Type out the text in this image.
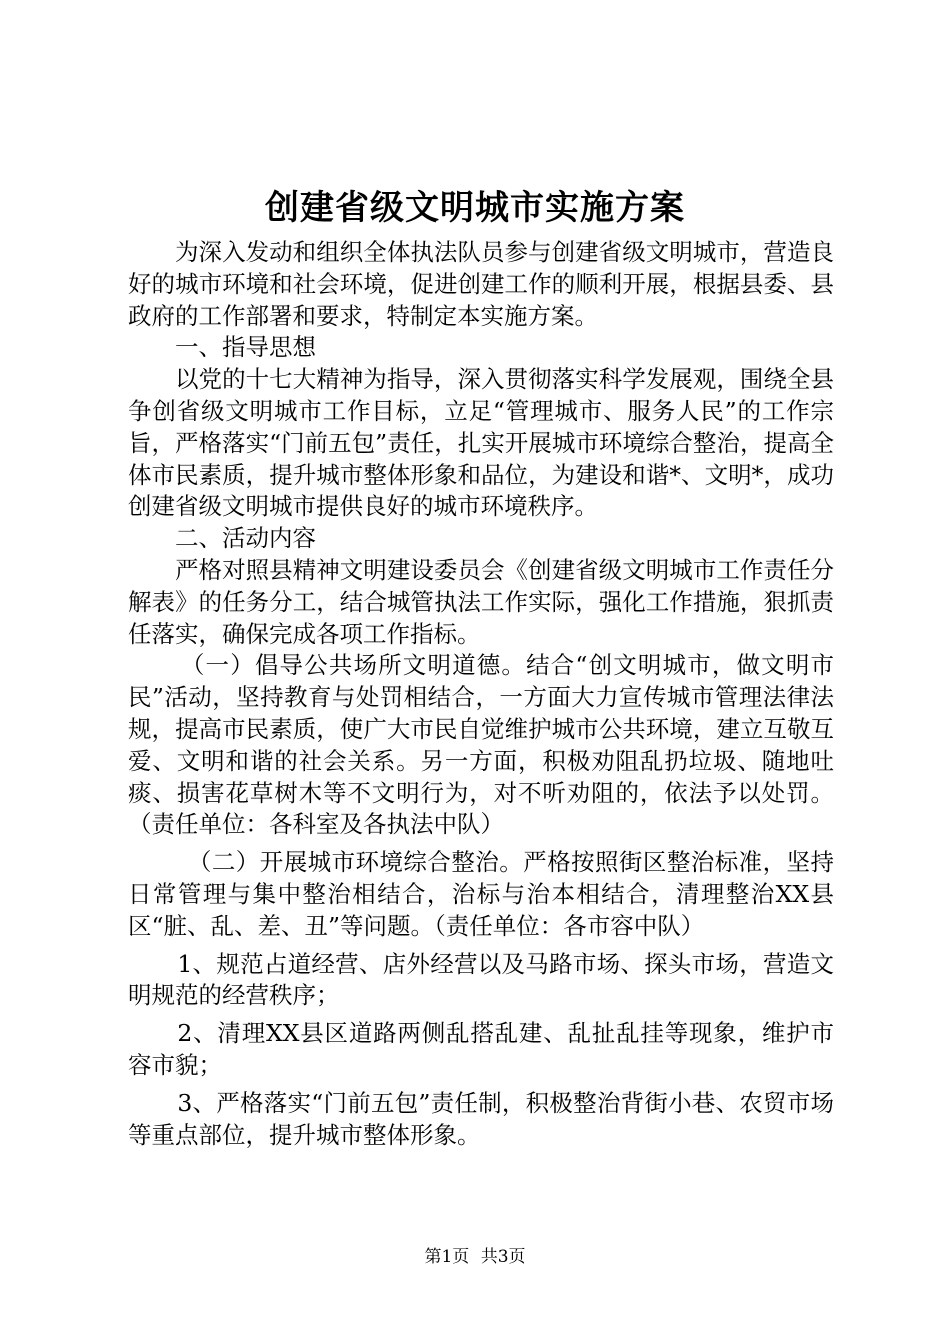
创建省级文明城市实施方案

为深入发动和组织全体执法队员参与创建省级文明城市，营造良好的城市环境和社会环境，促进创建工作的顺利开展，根据县委、县政府的工作部署和要求，特制定本实施方案。

一、指导思想

以党的十七大精神为指导，深入贯彻落实科学发展观，围绕全县争创省级文明城市工作目标，立足“管理城市、服务人民”的工作宗旨，严格落实“门前五包”责任，扎实开展城市环境综合整治，提高全体市民素质，提升城市整体形象和品位，为建设和谐*、文明*，成功创建省级文明城市提供良好的城市环境秩序。

二、活动内容

严格对照县精神文明建设委员会《创建省级文明城市工作责任分解表》的任务分工，结合城管执法工作实际，强化工作措施，狠抓责任落实，确保完成各项工作指标。

（一）倡导公共场所文明道德。结合“创文明城市，做文明市民”活动，坚持教育与处罚相结合，一方面大力宣传城市管理法律法规，提高市民素质，使广大市民自觉维护城市公共环境，建立互敬互爱、文明和谐的社会关系。另一方面，积极劝阻乱扔垃圾、随地吐痰、损害花草树木等不文明行为，对不听劝阻的，依法予以处罚。（责任单位：各科室及各执法中队）

（二）开展城市环境综合整治。严格按照街区整治标准，坚持日常管理与集中整治相结合，治标与治本相结合，清理整治XX县区“脏、乱、差、丑”等问题。（责任单位：各市容中队）

1、规范占道经营、店外经营以及马路市场、探头市场，营造文明规范的经营秩序；

2、清理XX县区道路两侧乱搭乱建、乱扯乱挂等现象，维护市容市貌；

3、严格落实“门前五包”责任制，积极整治背街小巷、农贸市场等重点部位，提升城市整体形象。

第1页 共3页
